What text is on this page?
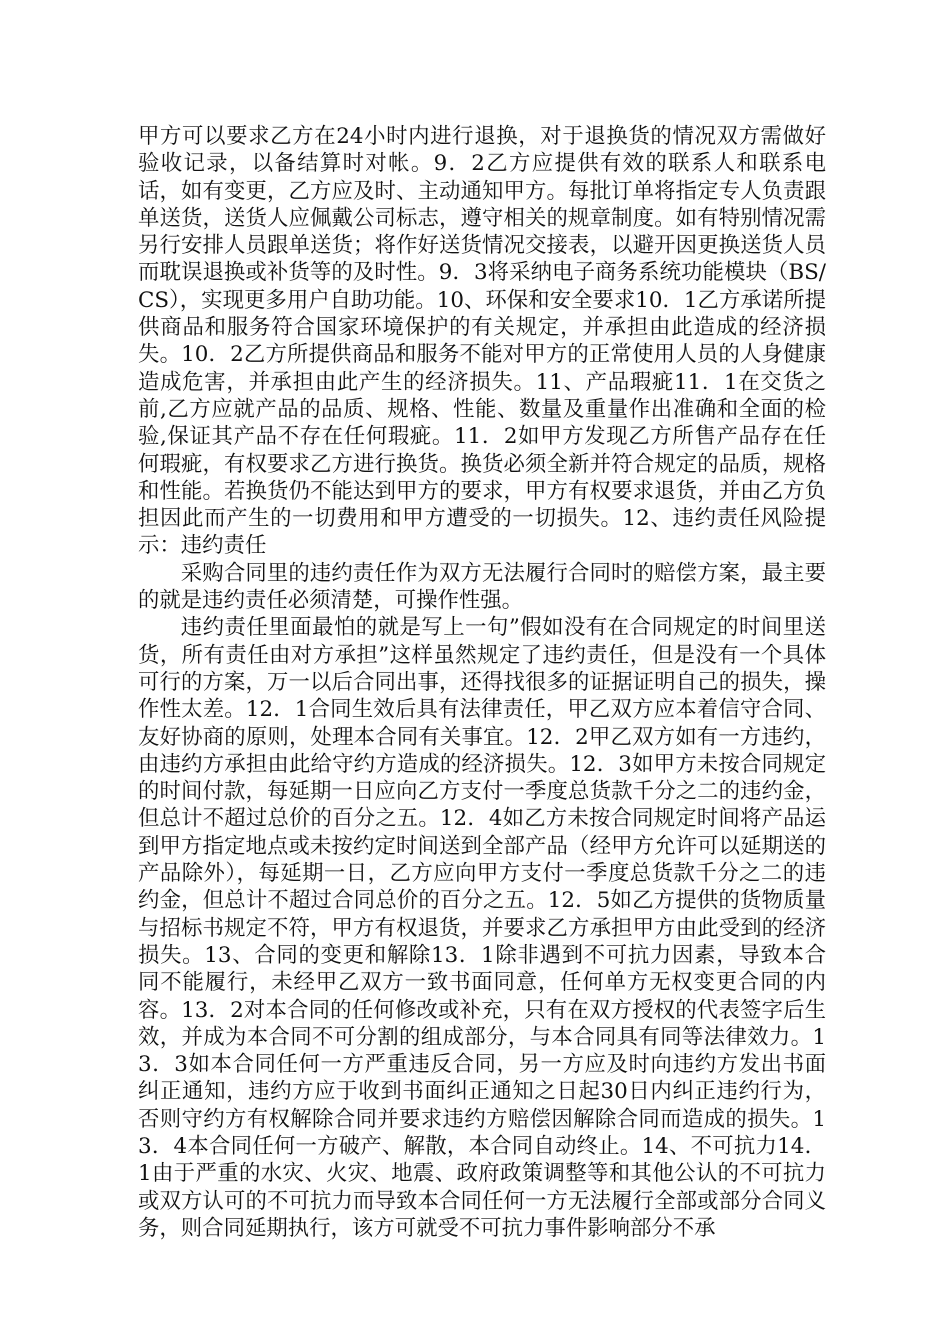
甲方可以要求乙方在24小时内进行退换，对于退换货的情况双方需做好验收记录，以备结算时对帐。9．2乙方应提供有效的联系人和联系电话，如有变更，乙方应及时、主动通知甲方。每批订单将指定专人负责跟单送货，送货人应佩戴公司标志，遵守相关的规章制度。如有特别情况需另行安排人员跟单送货；将作好送货情况交接表，以避开因更换送货人员而耽误退换或补货等的及时性。9．3将采纳电子商务系统功能模块（BS/CS），实现更多用户自助功能。10、环保和安全要求10．1乙方承诺所提供商品和服务符合国家环境保护的有关规定，并承担由此造成的经济损失。10．2乙方所提供商品和服务不能对甲方的正常使用人员的人身健康造成危害，并承担由此产生的经济损失。11、产品瑕疵11．1在交货之前,乙方应就产品的品质、规格、性能、数量及重量作出准确和全面的检验,保证其产品不存在任何瑕疵。11．2如甲方发现乙方所售产品存在任何瑕疵，有权要求乙方进行换货。换货必须全新并符合规定的品质，规格和性能。若换货仍不能达到甲方的要求，甲方有权要求退货，并由乙方负担因此而产生的一切费用和甲方遭受的一切损失。12、违约责任风险提示：违约责任

采购合同里的违约责任作为双方无法履行合同时的赔偿方案，最主要的就是违约责任必须清楚，可操作性强。

违约责任里面最怕的就是写上一句”假如没有在合同规定的时间里送货，所有责任由对方承担”这样虽然规定了违约责任，但是没有一个具体可行的方案，万一以后合同出事，还得找很多的证据证明自己的损失，操作性太差。12．1合同生效后具有法律责任，甲乙双方应本着信守合同、友好协商的原则，处理本合同有关事宜。12．2甲乙双方如有一方违约，由违约方承担由此给守约方造成的经济损失。12．3如甲方未按合同规定的时间付款，每延期一日应向乙方支付一季度总货款千分之二的违约金，但总计不超过总价的百分之五。12．4如乙方未按合同规定时间将产品运到甲方指定地点或未按约定时间送到全部产品（经甲方允许可以延期送的产品除外），每延期一日，乙方应向甲方支付一季度总货款千分之二的违约金，但总计不超过合同总价的百分之五。12．5如乙方提供的货物质量与招标书规定不符，甲方有权退货，并要求乙方承担甲方由此受到的经济损失。13、合同的变更和解除13．1除非遇到不可抗力因素，导致本合同不能履行，未经甲乙双方一致书面同意，任何单方无权变更合同的内容。13．2对本合同的任何修改或补充，只有在双方授权的代表签字后生效，并成为本合同不可分割的组成部分，与本合同具有同等法律效力。13．3如本合同任何一方严重违反合同，另一方应及时向违约方发出书面纠正通知，违约方应于收到书面纠正通知之日起30日内纠正违约行为，否则守约方有权解除合同并要求违约方赔偿因解除合同而造成的损失。13．4本合同任何一方破产、解散，本合同自动终止。14、不可抗力14．1由于严重的水灾、火灾、地震、政府政策调整等和其他公认的不可抗力或双方认可的不可抗力而导致本合同任何一方无法履行全部或部分合同义务，则合同延期执行，该方可就受不可抗力事件影响部分不承
